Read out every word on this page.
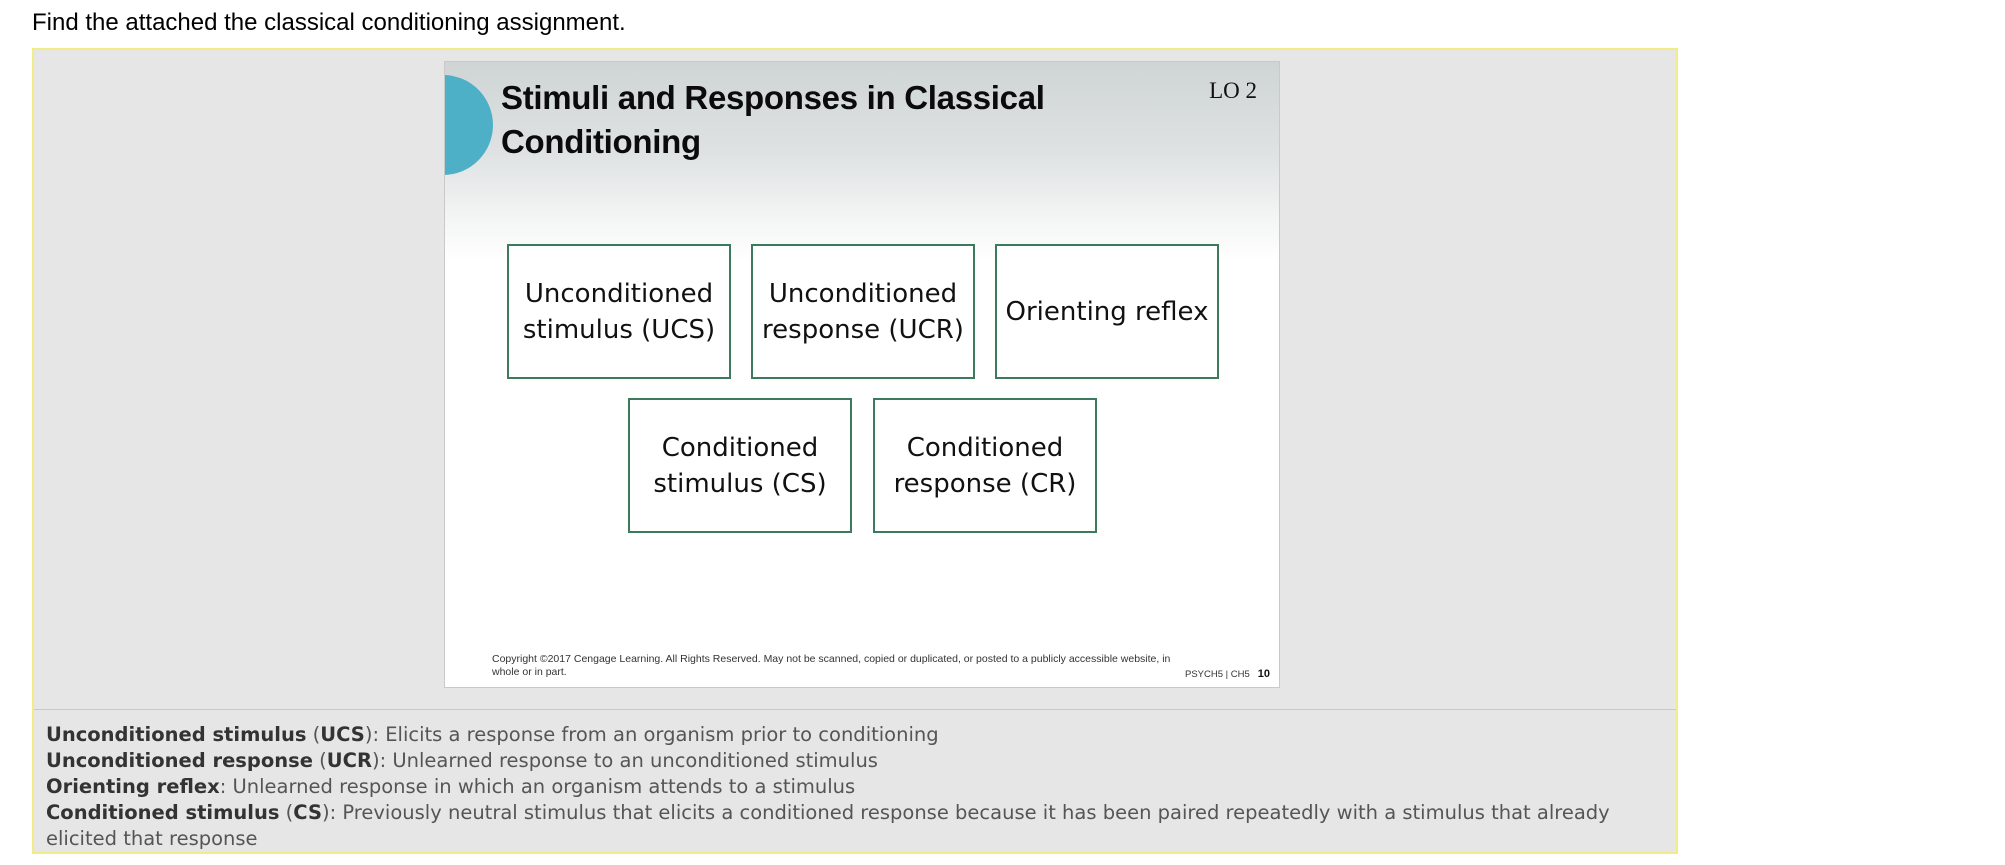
Find the attached the classical conditioning assignment.
Stimuli and Responses in Classical Conditioning
LO 2
Unconditioned stimulus (UCS)
Unconditioned response (UCR)
Orienting reflex
Conditioned stimulus (CS)
Conditioned response (CR)
Copyright ©2017 Cengage Learning. All Rights Reserved. May not be scanned, copied or duplicated, or posted to a publicly accessible website, in whole or in part.	PSYCH5 | CH5 10
Unconditioned stimulus (UCS): Elicits a response from an organism prior to conditioning
Unconditioned response (UCR): Unlearned response to an unconditioned stimulus
Orienting reflex: Unlearned response in which an organism attends to a stimulus
Conditioned stimulus (CS): Previously neutral stimulus that elicits a conditioned response because it has been paired repeatedly with a stimulus that already elicited that response
